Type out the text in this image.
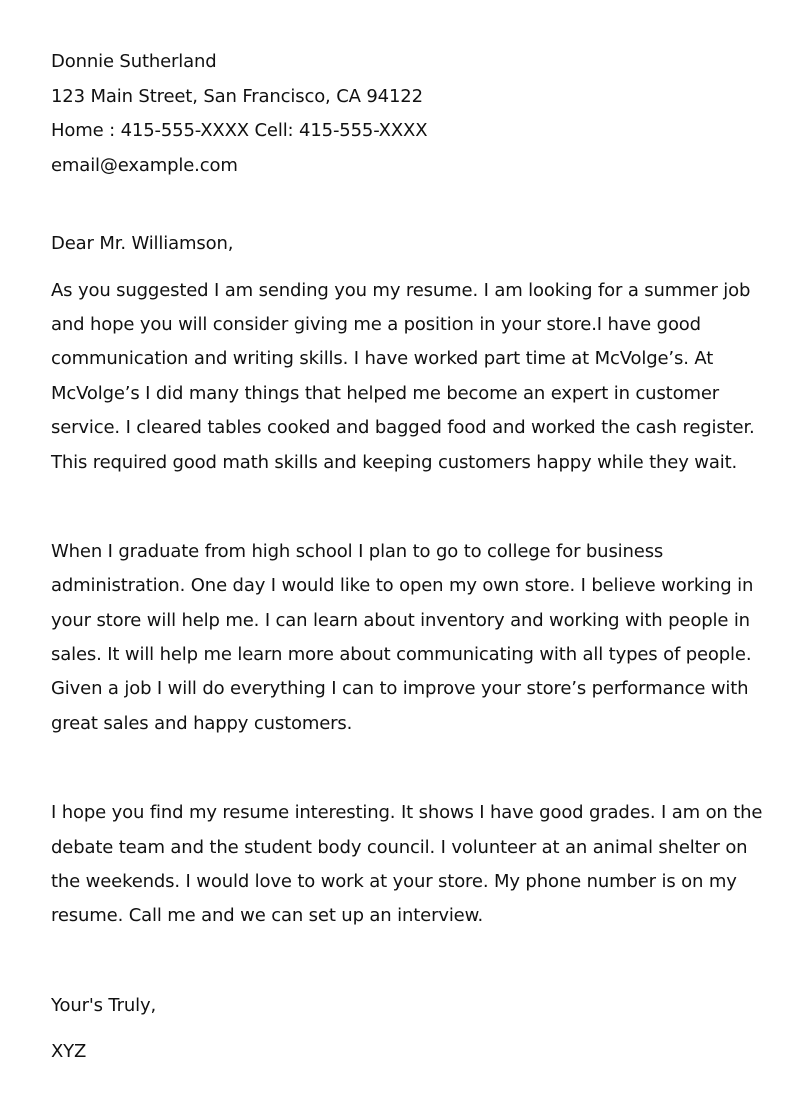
Donnie Sutherland

123 Main Street, San Francisco, CA 94122

Home : 415-555-XXXX Cell: 415-555-XXXX

email@example.com

Dear Mr. Williamson,

As you suggested I am sending you my resume. I am looking for a summer job

and hope you will consider giving me a position in your store.I have good

communication and writing skills. I have worked part time at McVolge’s. At

McVolge’s I did many things that helped me become an expert in customer

service. I cleared tables cooked and bagged food and worked the cash register.

This required good math skills and keeping customers happy while they wait.

When I graduate from high school I plan to go to college for business

administration. One day I would like to open my own store. I believe working in

your store will help me. I can learn about inventory and working with people in

sales. It will help me learn more about communicating with all types of people.

Given a job I will do everything I can to improve your store’s performance with

great sales and happy customers.

I hope you find my resume interesting. It shows I have good grades. I am on the

debate team and the student body council. I volunteer at an animal shelter on

the weekends. I would love to work at your store. My phone number is on my

resume. Call me and we can set up an interview.

Your's Truly,

XYZ
